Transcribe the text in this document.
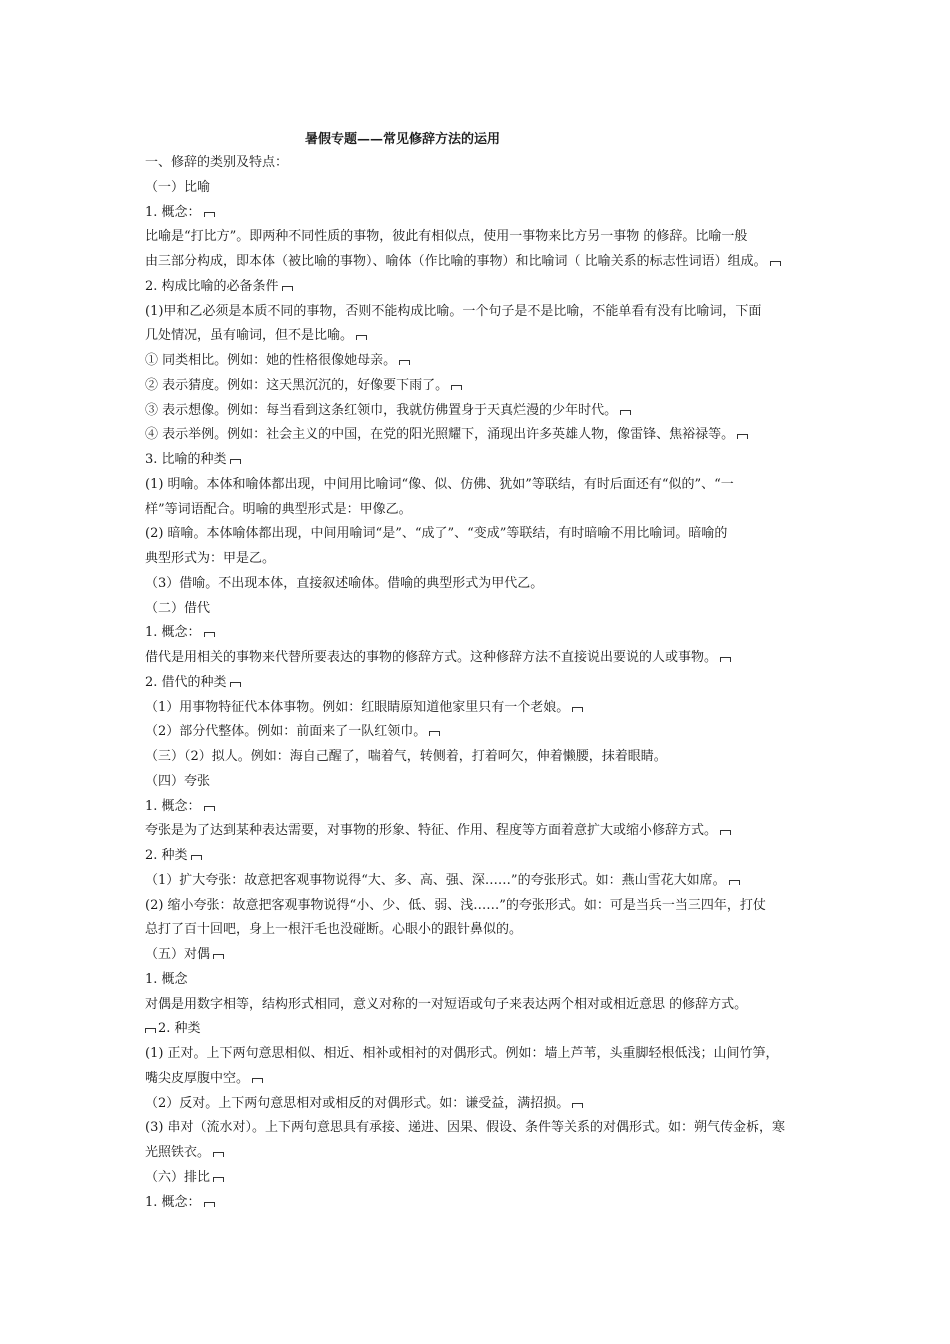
暑假专题——常见修辞方法的运用
一、修辞的类别及特点：
（一）比喻
1. 概念：
比喻是“打比方”。即两种不同性质的事物，彼此有相似点，使用一事物来比方另一事物 的修辞。比喻一般
由三部分构成，即本体（被比喻的事物）、喻体（作比喻的事物）和比喻词（ 比喻关系的标志性词语）组成。
2. 构成比喻的必备条件
(1)甲和乙必须是本质不同的事物，否则不能构成比喻。一个句子是不是比喻，不能单看有没有比喻词，下面
几处情况，虽有喻词，但不是比喻。
① 同类相比。例如：她的性格很像她母亲。
② 表示猜度。例如：这天黑沉沉的，好像要下雨了。
③ 表示想像。例如：每当看到这条红领巾，我就仿佛置身于天真烂漫的少年时代。
④ 表示举例。例如：社会主义的中国，在党的阳光照耀下，涌现出许多英雄人物，像雷锋、焦裕禄等。
3. 比喻的种类
(1) 明喻。本体和喻体都出现，中间用比喻词“像、似、仿佛、犹如”等联结，有时后面还有“似的”、“一
样”等词语配合。明喻的典型形式是：甲像乙。
(2) 暗喻。本体喻体都出现，中间用喻词“是”、“成了”、“变成”等联结，有时暗喻不用比喻词。暗喻的
典型形式为：甲是乙。
（3）借喻。不出现本体，直接叙述喻体。借喻的典型形式为甲代乙。
（二）借代
1. 概念：
借代是用相关的事物来代替所要表达的事物的修辞方式。这种修辞方法不直接说出要说的人或事物。
2. 借代的种类
（1）用事物特征代本体事物。例如：红眼睛原知道他家里只有一个老娘。
（2）部分代整体。例如：前面来了一队红领巾。
（三）（2）拟人。例如：海自己醒了，喘着气，转侧着，打着呵欠，伸着懒腰，抹着眼睛。
（四）夸张
1. 概念：
夸张是为了达到某种表达需要，对事物的形象、特征、作用、程度等方面着意扩大或缩小修辞方式。
2. 种类
（1）扩大夸张：故意把客观事物说得“大、多、高、强、深……”的夸张形式。如：燕山雪花大如席。
(2) 缩小夸张：故意把客观事物说得“小、少、低、弱、浅……”的夸张形式。如：可是当兵一当三四年，打仗
总打了百十回吧，身上一根汗毛也没碰断。心眼小的跟针鼻似的。
（五）对偶
1. 概念
对偶是用数字相等，结构形式相同，意义对称的一对短语或句子来表达两个相对或相近意思 的修辞方式。
2. 种类
(1) 正对。上下两句意思相似、相近、相补或相衬的对偶形式。例如：墙上芦苇，头重脚轻根低浅；山间竹笋，
嘴尖皮厚腹中空。
（2）反对。上下两句意思相对或相反的对偶形式。如：谦受益，满招损。
(3) 串对（流水对）。上下两句意思具有承接、递进、因果、假设、条件等关系的对偶形式。如：朔气传金柝，寒
光照铁衣。
（六）排比
1. 概念：
